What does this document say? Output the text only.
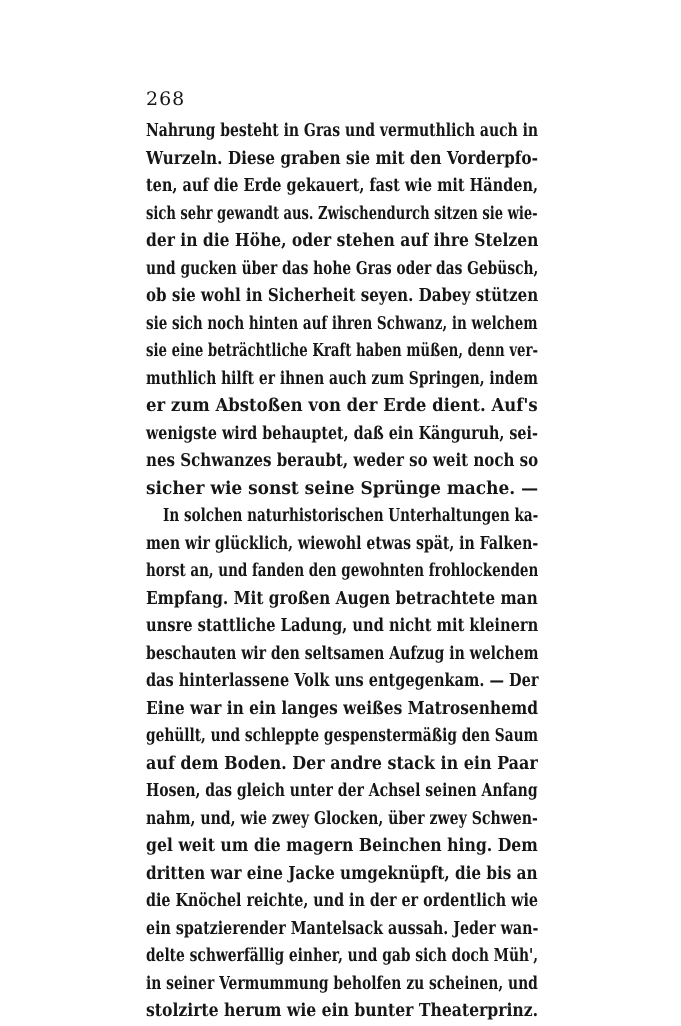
268
Nahrung besteht in Gras und vermuthlich auch in
Wurzeln. Diese graben sie mit den Vorderpfo-
ten, auf die Erde gekauert, fast wie mit Händen,
sich sehr gewandt aus. Zwischendurch sitzen sie wie-
der in die Höhe, oder stehen auf ihre Stelzen
und gucken über das hohe Gras oder das Gebüsch,
ob sie wohl in Sicherheit seyen. Dabey stützen
sie sich noch hinten auf ihren Schwanz, in welchem
sie eine beträchtliche Kraft haben müßen, denn ver-
muthlich hilft er ihnen auch zum Springen, indem
er zum Abstoßen von der Erde dient. Auf's
wenigste wird behauptet, daß ein Känguruh, sei-
nes Schwanzes beraubt, weder so weit noch so
sicher wie sonst seine Sprünge mache. —
In solchen naturhistorischen Unterhaltungen ka-
men wir glücklich, wiewohl etwas spät, in Falken-
horst an, und fanden den gewohnten frohlockenden
Empfang. Mit großen Augen betrachtete man
unsre stattliche Ladung, und nicht mit kleinern
beschauten wir den seltsamen Aufzug in welchem
das hinterlassene Volk uns entgegenkam. — Der
Eine war in ein langes weißes Matrosenhemd
gehüllt, und schleppte gespenstermäßig den Saum
auf dem Boden. Der andre stack in ein Paar
Hosen, das gleich unter der Achsel seinen Anfang
nahm, und, wie zwey Glocken, über zwey Schwen-
gel weit um die magern Beinchen hing. Dem
dritten war eine Jacke umgeknüpft, die bis an
die Knöchel reichte, und in der er ordentlich wie
ein spatzierender Mantelsack aussah. Jeder wan-
delte schwerfällig einher, und gab sich doch Müh',
in seiner Vermummung beholfen zu scheinen, und
stolzirte herum wie ein bunter Theaterprinz.
